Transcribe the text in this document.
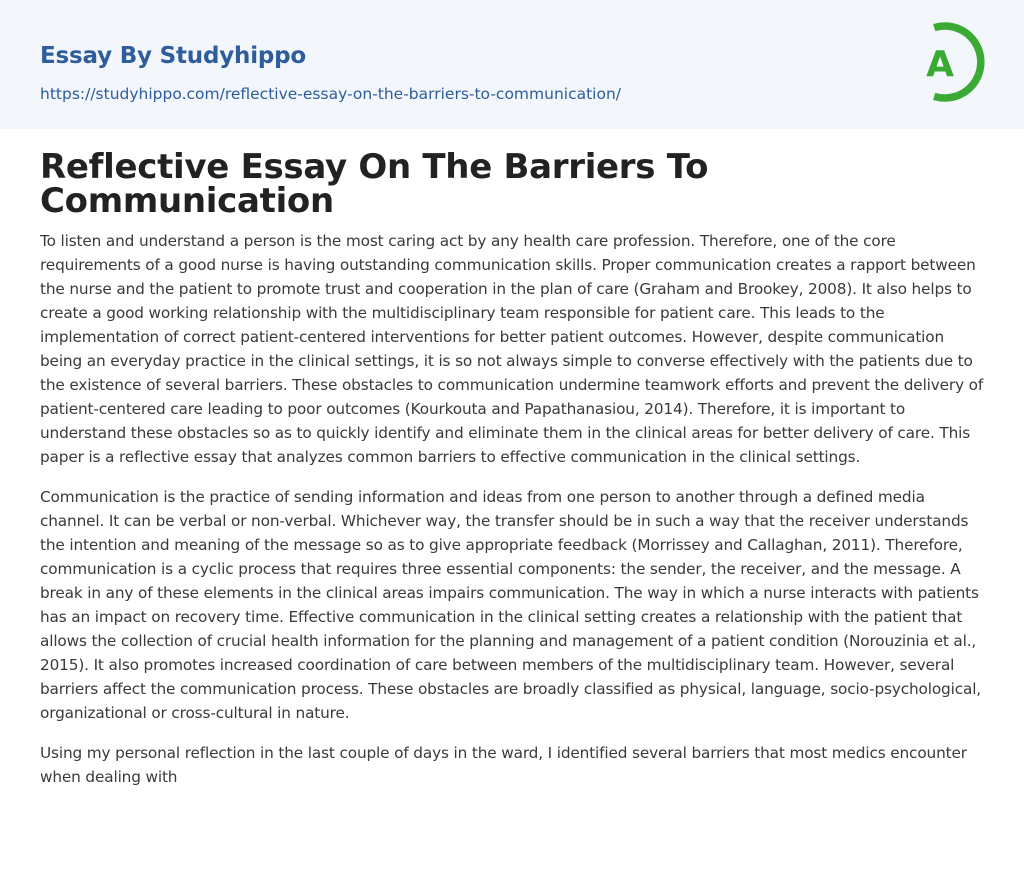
Essay By Studyhippo
https://studyhippo.com/reflective-essay-on-the-barriers-to-communication/
A
Reflective Essay On The Barriers To Communication

To listen and understand a person is the most caring act by any health care profession. Therefore, one of the core requirements of a good nurse is having outstanding communication skills. Proper communication creates a rapport between the nurse and the patient to promote trust and cooperation in the plan of care (Graham and Brookey, 2008). It also helps to create a good working relationship with the multidisciplinary team responsible for patient care. This leads to the implementation of correct patient-centered interventions for better patient outcomes. However, despite communication being an everyday practice in the clinical settings, it is so not always simple to converse effectively with the patients due to the existence of several barriers. These obstacles to communication undermine teamwork efforts and prevent the delivery of patient-centered care leading to poor outcomes (Kourkouta and Papathanasiou, 2014). Therefore, it is important to understand these obstacles so as to quickly identify and eliminate them in the clinical areas for better delivery of care. This paper is a reflective essay that analyzes common barriers to effective communication in the clinical settings.

Communication is the practice of sending information and ideas from one person to another through a defined media channel. It can be verbal or non-verbal. Whichever way, the transfer should be in such a way that the receiver understands the intention and meaning of the message so as to give appropriate feedback (Morrissey and Callaghan, 2011). Therefore, communication is a cyclic process that requires three essential components: the sender, the receiver, and the message. A break in any of these elements in the clinical areas impairs communication. The way in which a nurse interacts with patients has an impact on recovery time. Effective communication in the clinical setting creates a relationship with the patient that allows the collection of crucial health information for the planning and management of a patient condition (Norouzinia et al., 2015). It also promotes increased coordination of care between members of the multidisciplinary team. However, several barriers affect the communication process. These obstacles are broadly classified as physical, language, socio-psychological, organizational or cross-cultural in nature.

Using my personal reflection in the last couple of days in the ward, I identified several barriers that most medics encounter when dealing with
